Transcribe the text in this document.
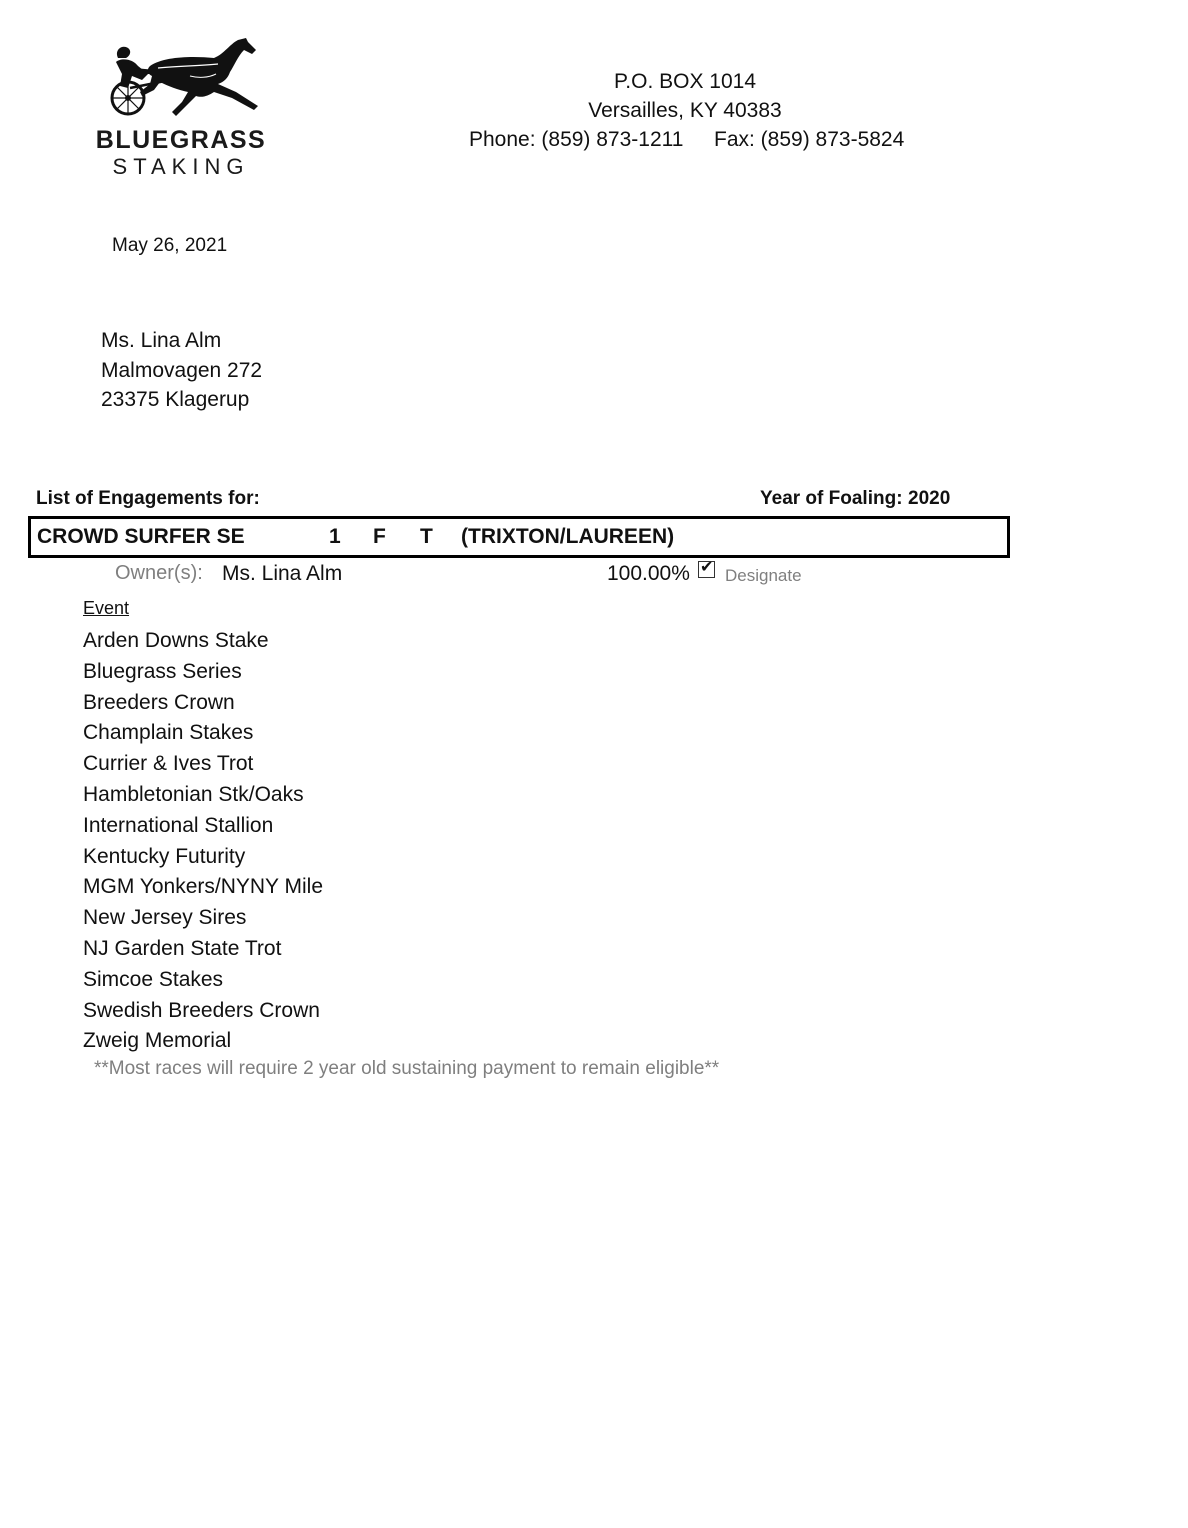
BLUEGRASS
STAKING
P.O. BOX 1014
Versailles, KY 40383
Phone: (859) 873-1211 Fax: (859) 873-5824
May 26, 2021
Ms. Lina Alm
Malmovagen 272
23375 Klagerup
List of Engagements for:	Year of Foaling: 2020
CROWD SURFER SE	1 F T (TRIXTON/LAUREEN)
Owner(s): Ms. Lina Alm	100.00% ✔ Designate
Event
Arden Downs Stake
Bluegrass Series
Breeders Crown
Champlain Stakes
Currier & Ives Trot
Hambletonian Stk/Oaks
International Stallion
Kentucky Futurity
MGM Yonkers/NYNY Mile
New Jersey Sires
NJ Garden State Trot
Simcoe Stakes
Swedish Breeders Crown
Zweig Memorial
**Most races will require 2 year old sustaining payment to remain eligible**
